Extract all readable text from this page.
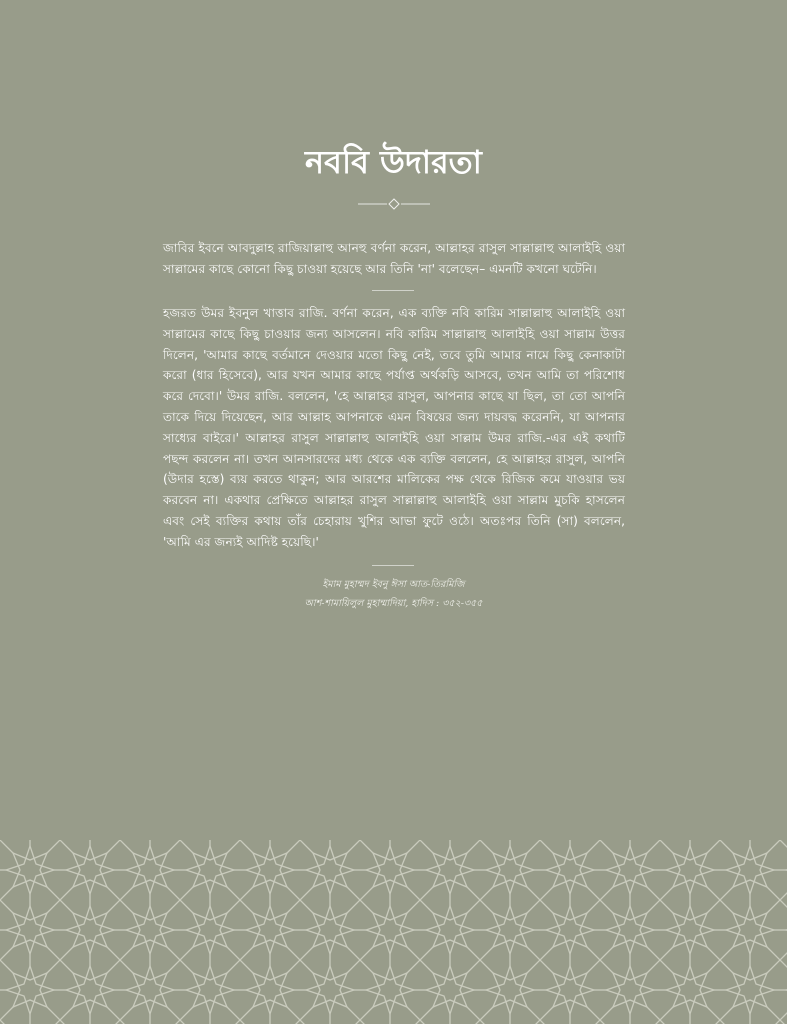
নববি উদারতা

জাবির ইবনে আবদুল্লাহ রাজিয়াল্লাহু আনহু বর্ণনা করেন, আল্লাহর রাসুল সাল্লাল্লাহু আলাইহি ওয়া সাল্লামের কাছে কোনো কিছু চাওয়া হয়েছে আর তিনি 'না' বলেছেন– এমনটি কখনো ঘটেনি।

হজরত উমর ইবনুল খাত্তাব রাজি. বর্ণনা করেন, এক ব্যক্তি নবি কারিম সাল্লাল্লাহু আলাইহি ওয়া সাল্লামের কাছে কিছু চাওয়ার জন্য আসলেন। নবি কারিম সাল্লাল্লাহু আলাইহি ওয়া সাল্লাম উত্তর দিলেন, 'আমার কাছে বর্তমানে দেওয়ার মতো কিছু নেই, তবে তুমি আমার নামে কিছু কেনাকাটা করো (ধার হিসেবে), আর যখন আমার কাছে পর্যাপ্ত অর্থকড়ি আসবে, তখন আমি তা পরিশোধ করে দেবো।' উমর রাজি. বললেন, 'হে আল্লাহর রাসুল, আপনার কাছে যা ছিল, তা তো আপনি তাকে দিয়ে দিয়েছেন, আর আল্লাহ আপনাকে এমন বিষয়ের জন্য দায়বদ্ধ করেননি, যা আপনার সাধ্যের বাইরে।' আল্লাহর রাসুল সাল্লাল্লাহু আলাইহি ওয়া সাল্লাম উমর রাজি.-এর এই কথাটি পছন্দ করলেন না। তখন আনসারদের মধ্য থেকে এক ব্যক্তি বললেন, হে আল্লাহর রাসুল, আপনি (উদার হস্তে) ব্যয় করতে থাকুন; আর আরশের মালিকের পক্ষ থেকে রিজিক কমে যাওয়ার ভয় করবেন না। একথার প্রেক্ষিতে আল্লাহর রাসুল সাল্লাল্লাহু আলাইহি ওয়া সাল্লাম মুচকি হাসলেন এবং সেই ব্যক্তির কথায় তাঁর চেহারায় খুশির আভা ফুটে ওঠে। অতঃপর তিনি (সা) বললেন, 'আমি এর জন্যই আদিষ্ট হয়েছি।'

ইমাম মুহাম্মদ ইবনু ঈসা আত-তিরমিজি

আশ-শামায়িলুল মুহাম্মাদিয়া, হাদিস : ৩৫২-৩৫৫
